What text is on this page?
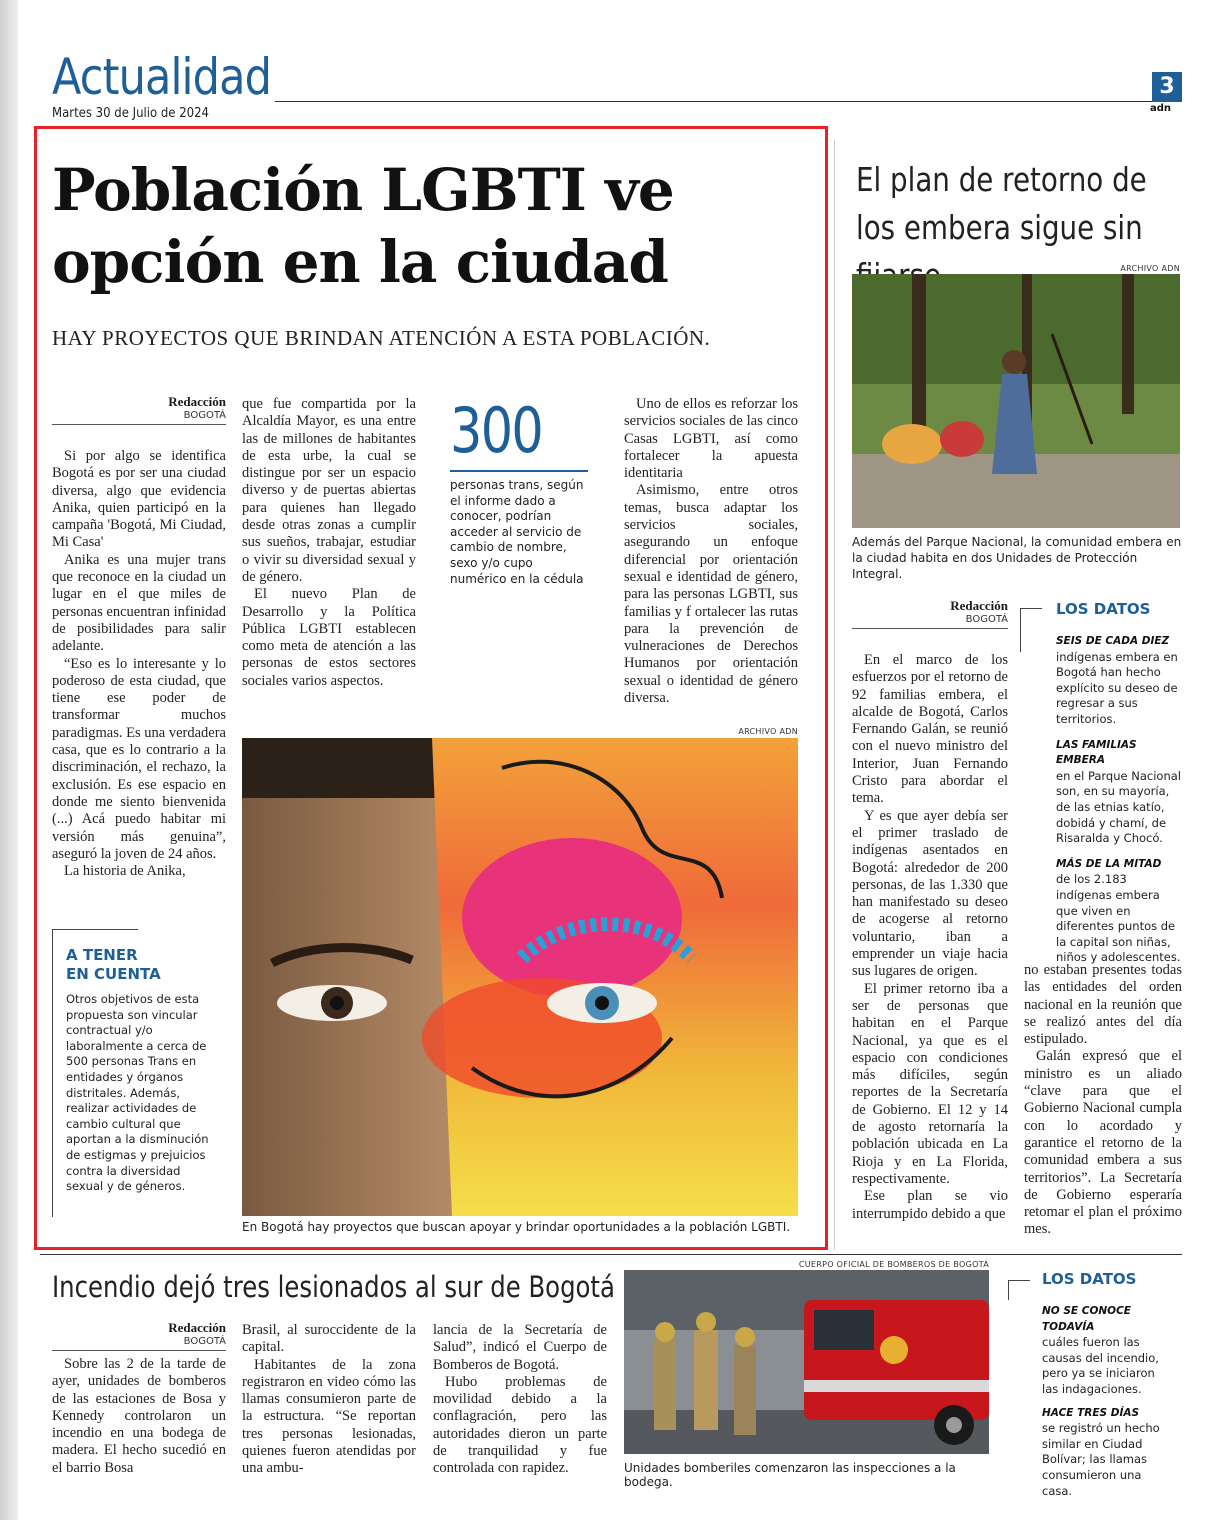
Actualidad
Martes 30 de Julio de 2024
3
adn
Población LGBTI ve
opción en la ciudad
HAY PROYECTOS QUE BRINDAN ATENCIÓN A ESTA POBLACIÓN.
Redacción
BOGOTÁ

Si por algo se identifica Bogotá es por ser una ciudad diversa, algo que evidencia Anika, quien participó en la campaña 'Bogotá, Mi Ciudad, Mi Casa'

Anika es una mujer trans que reconoce en la ciudad un lugar en el que miles de personas encuentran infinidad de posibilidades para salir adelante.

“Eso es lo interesante y lo poderoso de esta ciudad, que tiene ese poder de transformar muchos paradigmas. Es una verdadera casa, que es lo contrario a la discriminación, el rechazo, la exclusión. Es ese espacio en donde me siento bienvenida (...) Acá puedo habitar mi versión más genuina”, aseguró la joven de 24 años.

La historia de Anika,

que fue compartida por la Alcaldía Mayor, es una entre las de millones de habitantes de esta urbe, la cual se distingue por ser un espacio diverso y de puertas abiertas para quienes han llegado desde otras zonas a cumplir sus sueños, trabajar, estudiar o vivir su diversidad sexual y de género.

El nuevo Plan de Desarrollo y la Política Pública LGBTI establecen como meta de atención a las personas de estos sectores sociales varios aspectos.

300
personas trans, según el informe dado a conocer, podrían acceder al servicio de cambio de nombre, sexo y/o cupo numérico en la cédula

Uno de ellos es reforzar los servicios sociales de las cinco Casas LGBTI, así como fortalecer la apuesta identitaria

Asimismo, entre otros temas, busca adaptar los servicios sociales, asegurando un enfoque diferencial por orientación sexual e identidad de género, para las personas LGBTI, sus familias y f ortalecer las rutas para la prevención de vulneraciones de Derechos Humanos por orientación sexual o identidad de género diversa.

A TENER
EN CUENTA
Otros objetivos de esta propuesta son vincular contractual y/o laboralmente a cerca de 500 personas Trans en entidades y órganos distritales. Además, realizar actividades de cambio cultural que aportan a la disminución de estigmas y prejuicios contra la diversidad sexual y de géneros.
ARCHIVO ADN
En Bogotá hay proyectos que buscan apoyar y brindar oportunidades a la población LGBTI.
El plan de retorno de los embera sigue sin
ARCHIVO ADN
Además del Parque Nacional, la comunidad embera en la ciudad habita en dos Unidades de Protección Integral.
Redacción
BOGOTÁ

En el marco de los esfuerzos por el retorno de 92 familias embera, el alcalde de Bogotá, Carlos Fernando Galán, se reunió con el nuevo ministro del Interior, Juan Fernando Cristo para abordar el tema.

Y es que ayer debía ser el primer traslado de indígenas asentados en Bogotá: alrededor de 200 personas, de las 1.330 que han manifestado su deseo de acogerse al retorno voluntario, iban a emprender un viaje hacia sus lugares de origen.

El primer retorno iba a ser de personas que habitan en el Parque Nacional, ya que es el espacio con condiciones más difíciles, según reportes de la Secretaría de Gobierno. El 12 y 14 de agosto retornaría la población ubicada en La Rioja y en La Florida, respectivamente.

Ese plan se vio interrumpido debido a que

LOS DATOS
SEIS DE CADA DIEZ
indígenas embera en Bogotá han hecho explícito su deseo de regresar a sus territorios.
LAS FAMILIAS EMBERA
en el Parque Nacional son, en su mayoría, de las etnias katío, dobidá y chamí, de Risaralda y Chocó.
MÁS DE LA MITAD
de los 2.183 indígenas embera que viven en diferentes puntos de la capital son niñas, niños y adolescentes.

no estaban presentes todas las entidades del orden nacional en la reunión que se realizó antes del día estipulado.

Galán expresó que el ministro es un aliado “clave para que el Gobierno Nacional cumpla con lo acordado y garantice el retorno de la comunidad embera a sus territorios”. La Secretaría de Gobierno esperaría retomar el plan el próximo mes.

Incendio dejó tres lesionados al sur de Bogotá
Redacción
BOGOTÁ

Sobre las 2 de la tarde de ayer, unidades de bomberos de las estaciones de Bosa y Kennedy controlaron un incendio en una bodega de madera. El hecho sucedió en el barrio Bosa

Brasil, al suroccidente de la capital.

Habitantes de la zona registraron en video cómo las llamas consumieron parte de la estructura. “Se reportan tres personas lesionadas, quienes fueron atendidas por una ambu-

lancia de la Secretaría de Salud”, indicó el Cuerpo de Bomberos de Bogotá.

Hubo problemas de movilidad debido a la conflagración, pero las autoridades dieron un parte de tranquilidad y fue controlada con rapidez.

CUERPO OFICIAL DE BOMBEROS DE BOGOTÁ
Unidades bomberiles comenzaron las inspecciones a la bodega.
LOS DATOS
NO SE CONOCE TODAVÍA
cuáles fueron las causas del incendio, pero ya se iniciaron las indagaciones.
HACE TRES DÍAS
se registró un hecho similar en Ciudad Bolívar; las llamas consumieron una casa.
